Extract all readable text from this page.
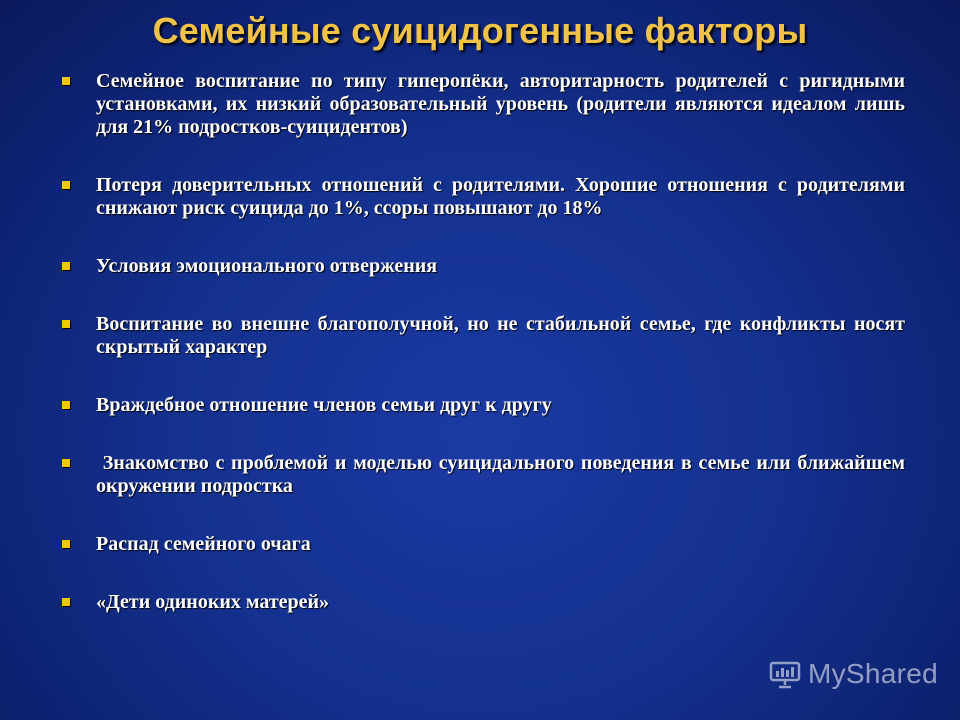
Семейные суицидогенные факторы
Семейное воспитание по типу гиперопёки, авторитарность родителей с ригидными установками, их низкий образовательный уровень (родители являются идеалом лишь для 21% подростков-суицидентов)
Потеря доверительных отношений с родителями. Хорошие отношения с родителями снижают риск суицида до 1%, ссоры повышают до 18%
Условия эмоционального отвержения
Воспитание во внешне благополучной, но не стабильной семье, где конфликты носят скрытый характер
Враждебное отношение членов семьи друг к другу
Знакомство с проблемой и моделью суицидального поведения в семье или ближайшем окружении подростка
Распад семейного очага
«Дети одиноких матерей»
MyShared
